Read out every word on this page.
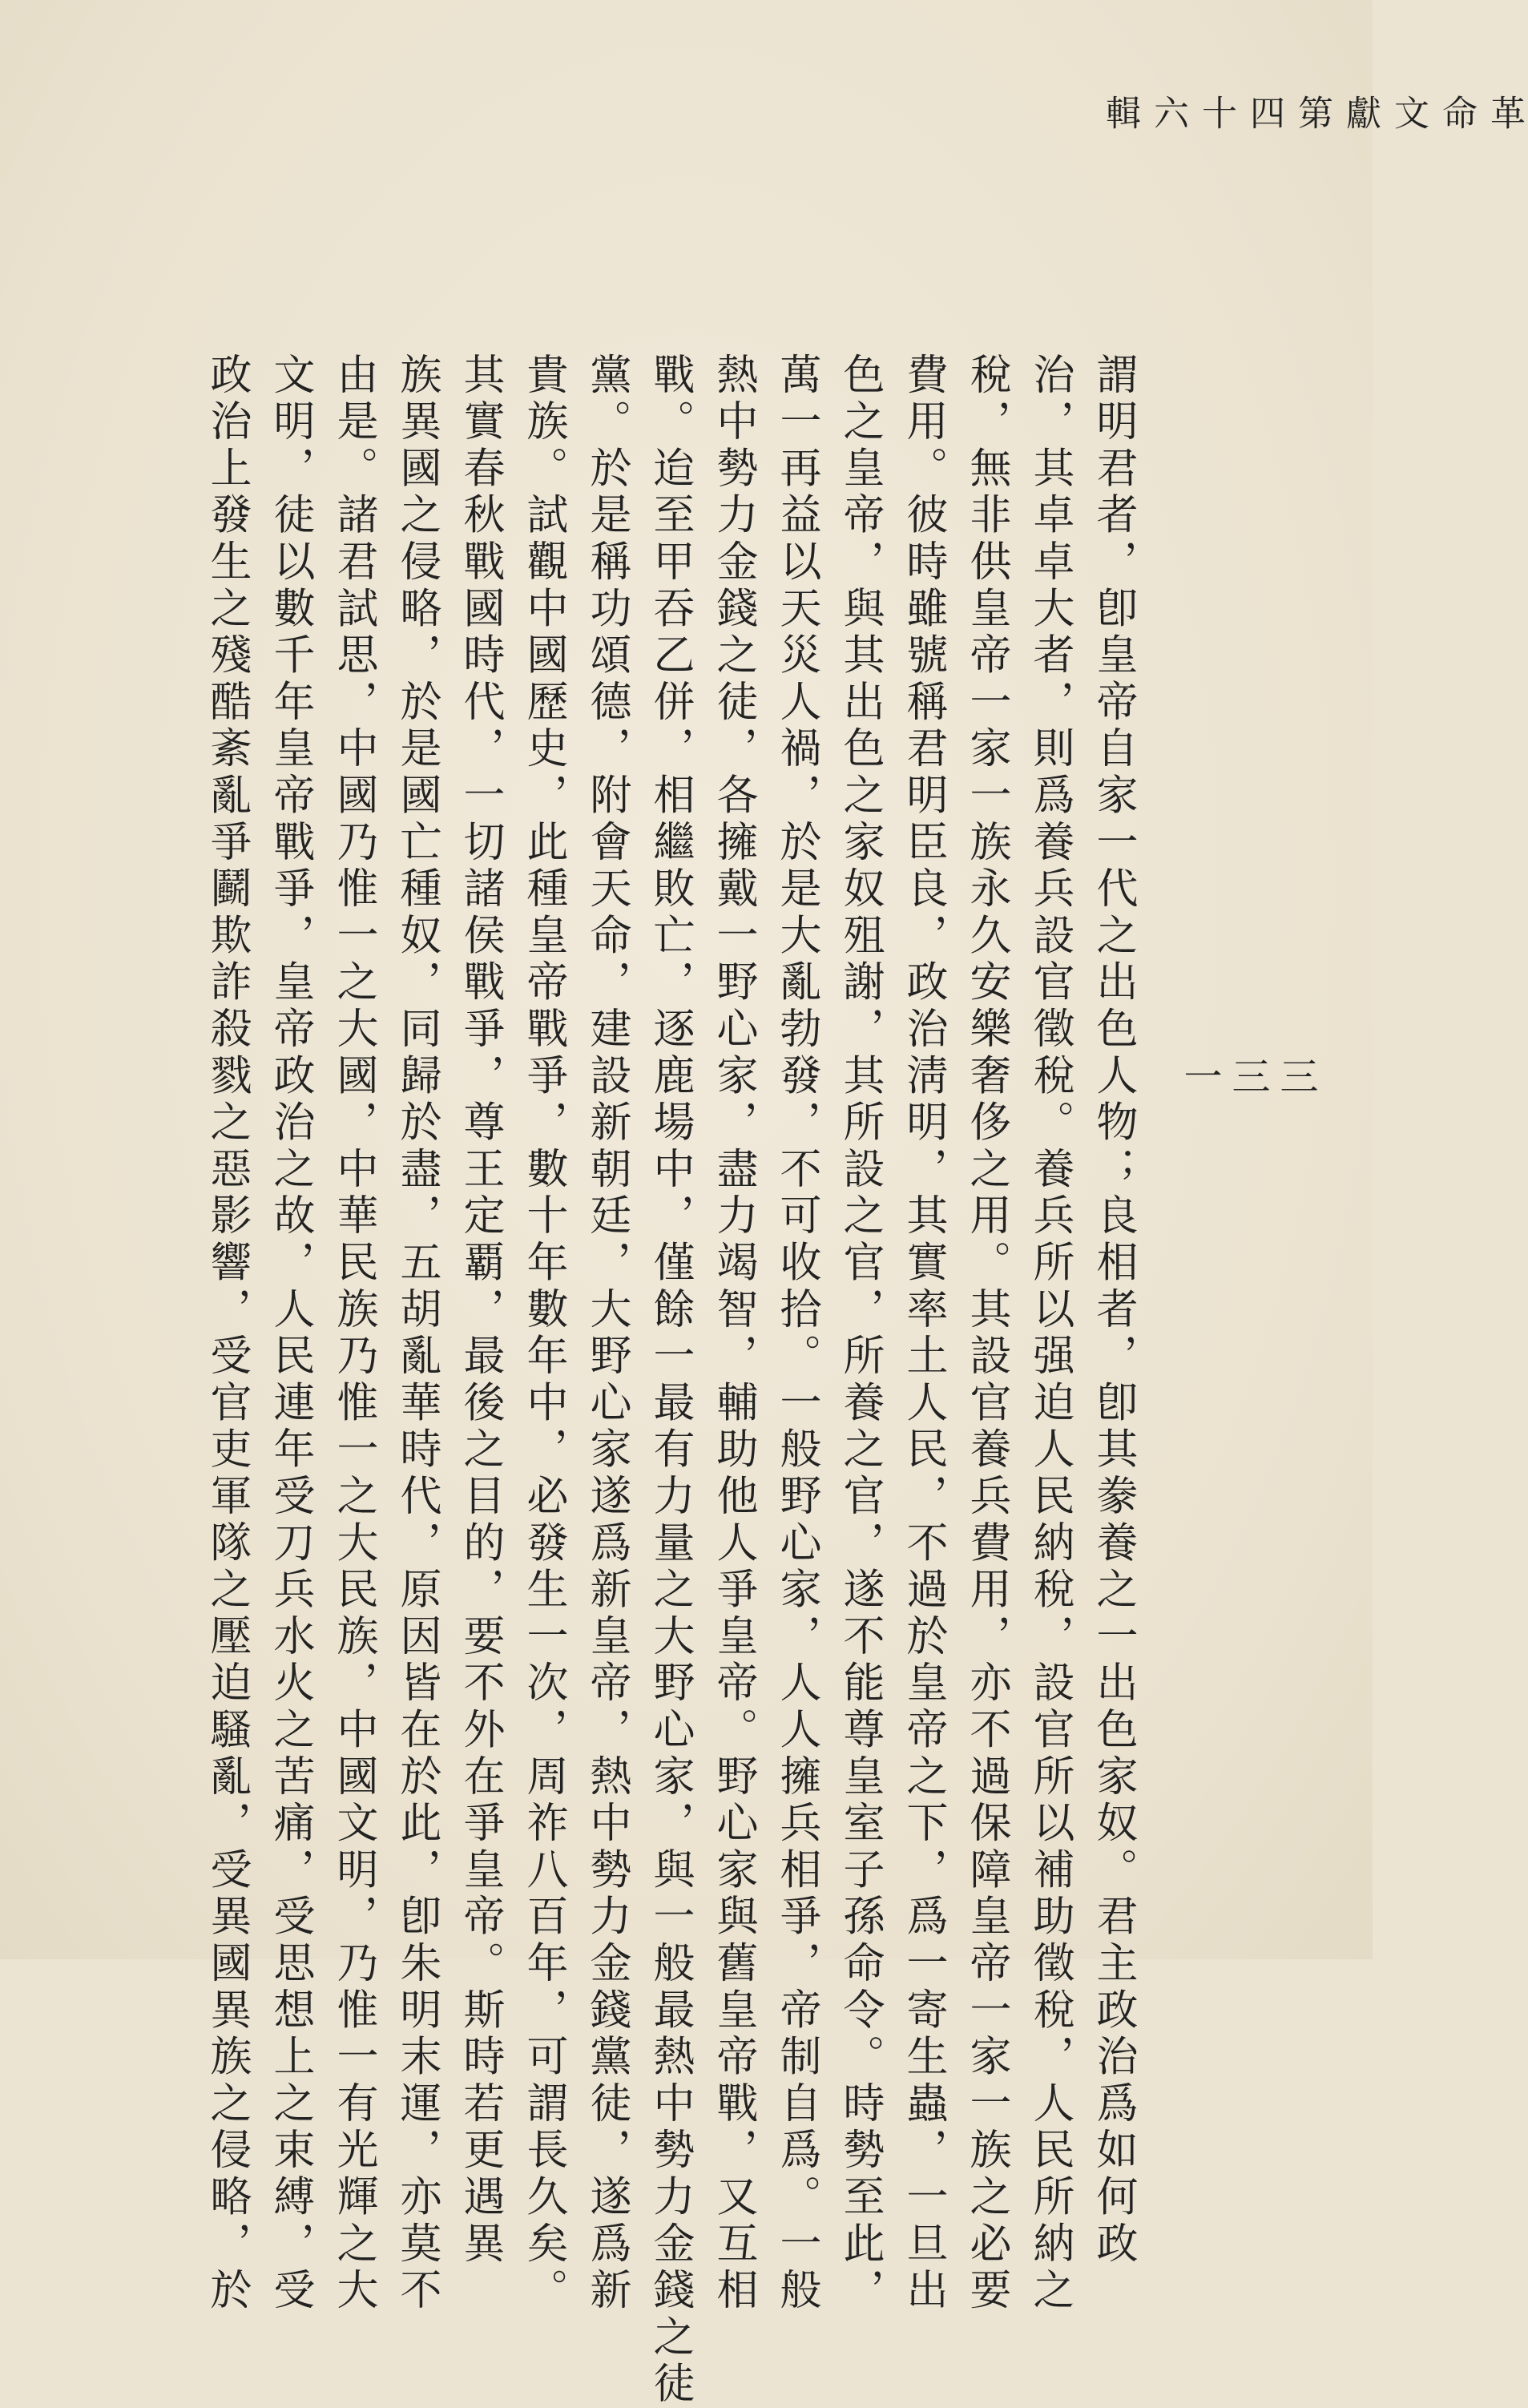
革命文獻第四十六輯
三三一
謂明君者，卽皇帝自家一代之出色人物；良相者，卽其豢養之一出色家奴。君主政治爲如何政
治，其卓卓大者，則爲養兵設官徵稅。養兵所以强迫人民納稅，設官所以補助徵稅，人民所納之
稅，無非供皇帝一家一族永久安樂奢侈之用。其設官養兵費用，亦不過保障皇帝一家一族之必要
費用。彼時雖號稱君明臣良，政治淸明，其實率土人民，不過於皇帝之下，爲一寄生蟲，一旦出
色之皇帝，與其出色之家奴殂謝，其所設之官，所養之官，遂不能尊皇室子孫命令。時勢至此，
萬一再益以天災人禍，於是大亂勃發，不可收拾。一般野心家，人人擁兵相爭，帝制自爲。一般
熱中勢力金錢之徒，各擁戴一野心家，盡力竭智，輔助他人爭皇帝。野心家與舊皇帝戰，又互相
戰。迨至甲吞乙併，相繼敗亡，逐鹿場中，僅餘一最有力量之大野心家，與一般最熱中勢力金錢之徒
黨。於是稱功頌德，附會天命，建設新朝廷，大野心家遂爲新皇帝，熱中勢力金錢黨徒，遂爲新
貴族。試觀中國歷史，此種皇帝戰爭，數十年數年中，必發生一次，周祚八百年，可謂長久矣。
其實春秋戰國時代，一切諸侯戰爭，尊王定覇，最後之目的，要不外在爭皇帝。斯時若更遇異
族異國之侵略，於是國亡種奴，同歸於盡，五胡亂華時代，原因皆在於此，卽朱明末運，亦莫不
由是。諸君試思，中國乃惟一之大國，中華民族乃惟一之大民族，中國文明，乃惟一有光輝之大
文明，徒以數千年皇帝戰爭，皇帝政治之故，人民連年受刀兵水火之苦痛，受思想上之束縛，受
政治上發生之殘酷紊亂爭鬬欺詐殺戮之惡影響，受官吏軍隊之壓迫騷亂，受異國異族之侵略，於
